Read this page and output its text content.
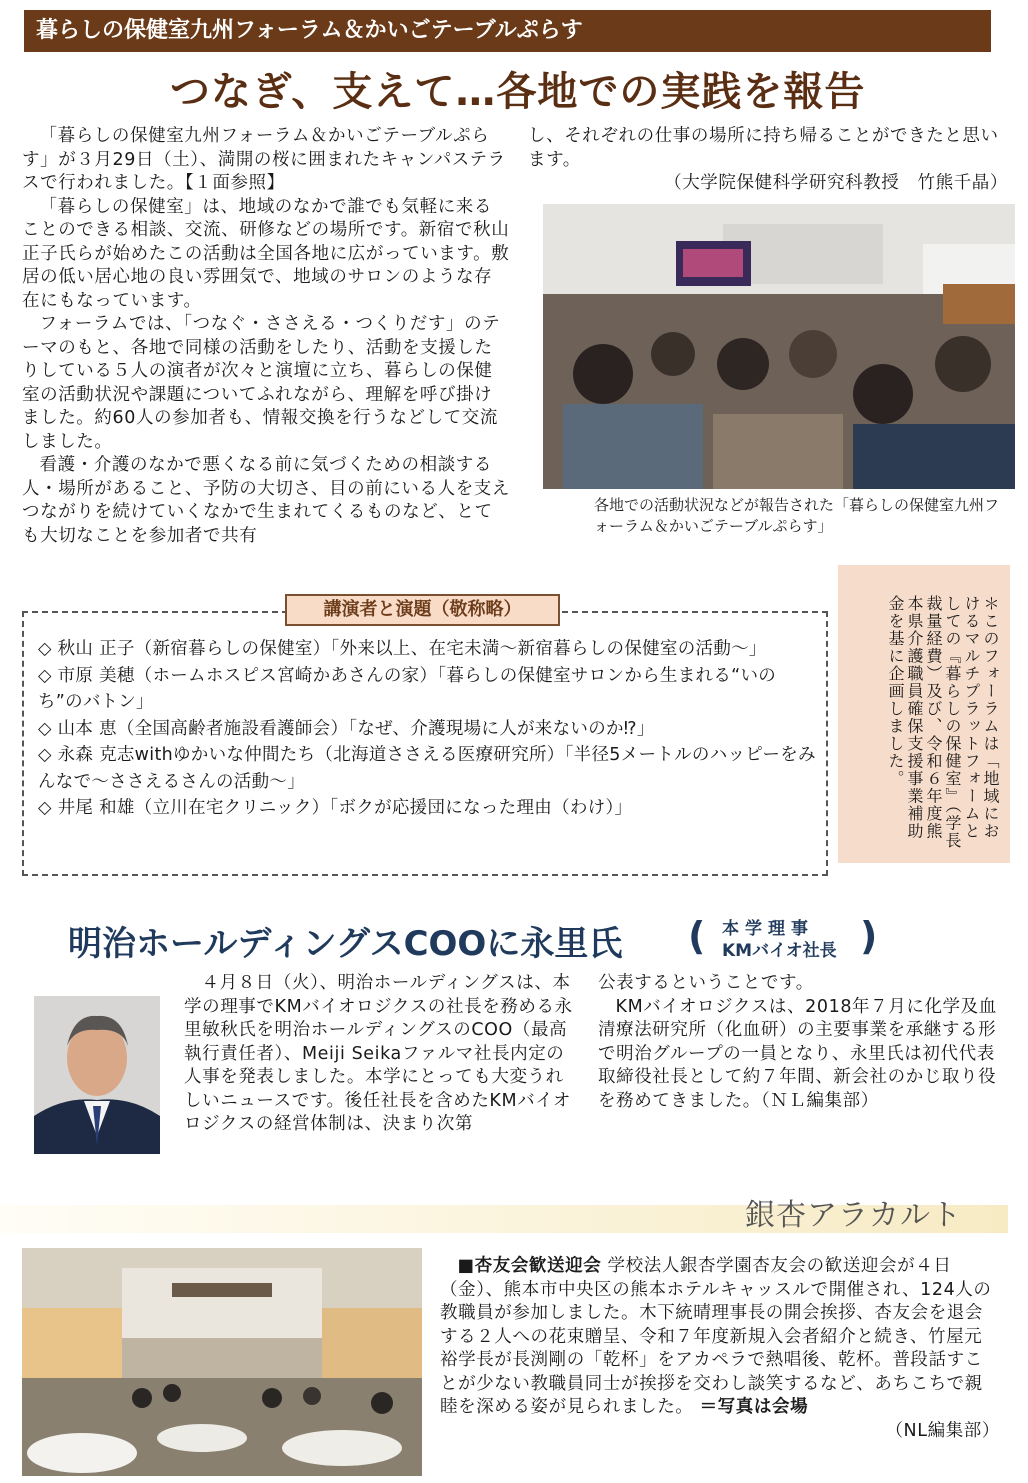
暮らしの保健室九州フォーラム＆かいごテーブルぷらす
つなぎ、支えて…各地での実践を報告

「暮らしの保健室九州フォーラム＆かいごテーブルぷらす」が３月29日（土）、満開の桜に囲まれたキャンパステラスで行われました。【１面参照】

「暮らしの保健室」は、地域のなかで誰でも気軽に来ることのできる相談、交流、研修などの場所です。新宿で秋山正子氏らが始めたこの活動は全国各地に広がっています。敷居の低い居心地の良い雰囲気で、地域のサロンのような存在にもなっています。

フォーラムでは、「つなぐ・ささえる・つくりだす」のテーマのもと、各地で同様の活動をしたり、活動を支援したりしている５人の演者が次々と演壇に立ち、暮らしの保健室の活動状況や課題についてふれながら、理解を呼び掛けました。約60人の参加者も、情報交換を行うなどして交流しました。

看護・介護のなかで悪くなる前に気づくための相談する人・場所があること、予防の大切さ、目の前にいる人を支えつながりを続けていくなかで生まれてくるものなど、とても大切なことを参加者で共有

し、それぞれの仕事の場所に持ち帰ることができたと思います。

（大学院保健科学研究科教授　竹熊千晶）

各地での活動状況などが報告された「暮らしの保健室九州フォーラム＆かいごテーブルぷらす」
＊このフォーラムは「地域におけるマルチプラットフォームとしての『暮らしの保健室』（学長裁量経費）及び、令和６年度熊本県介護職員確保支援事業補助金を基に企画しました。
講演者と演題（敬称略）

◇ 秋山 正子（新宿暮らしの保健室）「外来以上、在宅未満～新宿暮らしの保健室の活動～」

◇ 市原 美穂（ホームホスピス宮崎かあさんの家）「暮らしの保健室サロンから生まれる“いのち”のバトン」

◇ 山本 恵（全国高齢者施設看護師会）「なぜ、介護現場に人が来ないのか⁉」

◇ 永森 克志withゆかいな仲間たち（北海道ささえる医療研究所）「半径5メートルのハッピーをみんなで～ささえるさんの活動～」

◇ 井尾 和雄（立川在宅クリニック）「ボクが応援団になった理由（わけ）」

明治ホールディングスCOOに永里氏 ( 本学理事
KMバイオ社長 )

４月８日（火）、明治ホールディングスは、本学の理事でKMバイオロジクスの社長を務める永里敏秋氏を明治ホールディングスのCOO（最高執行責任者）、Meiji Seikaファルマ社長内定の人事を発表しました。本学にとっても大変うれしいニュースです。後任社長を含めたKMバイオロジクスの経営体制は、決まり次第

公表するということです。

KMバイオロジクスは、2018年７月に化学及血清療法研究所（化血研）の主要事業を承継する形で明治グループの一員となり、永里氏は初代代表取締役社長として約７年間、新会社のかじ取り役を務めてきました。（ＮＬ編集部）

銀杏アラカルト

■杏友会歓送迎会 学校法人銀杏学園杏友会の歓送迎会が４日（金）、熊本市中央区の熊本ホテルキャッスルで開催され、124人の教職員が参加しました。木下統晴理事長の開会挨拶、杏友会を退会する２人への花束贈呈、令和７年度新規入会者紹介と続き、竹屋元裕学長が長渕剛の「乾杯」をアカペラで熱唱後、乾杯。普段話すことが少ない教職員同士が挨拶を交わし談笑するなど、あちこちで親睦を深める姿が見られました。 ＝写真は会場

（NL編集部）
